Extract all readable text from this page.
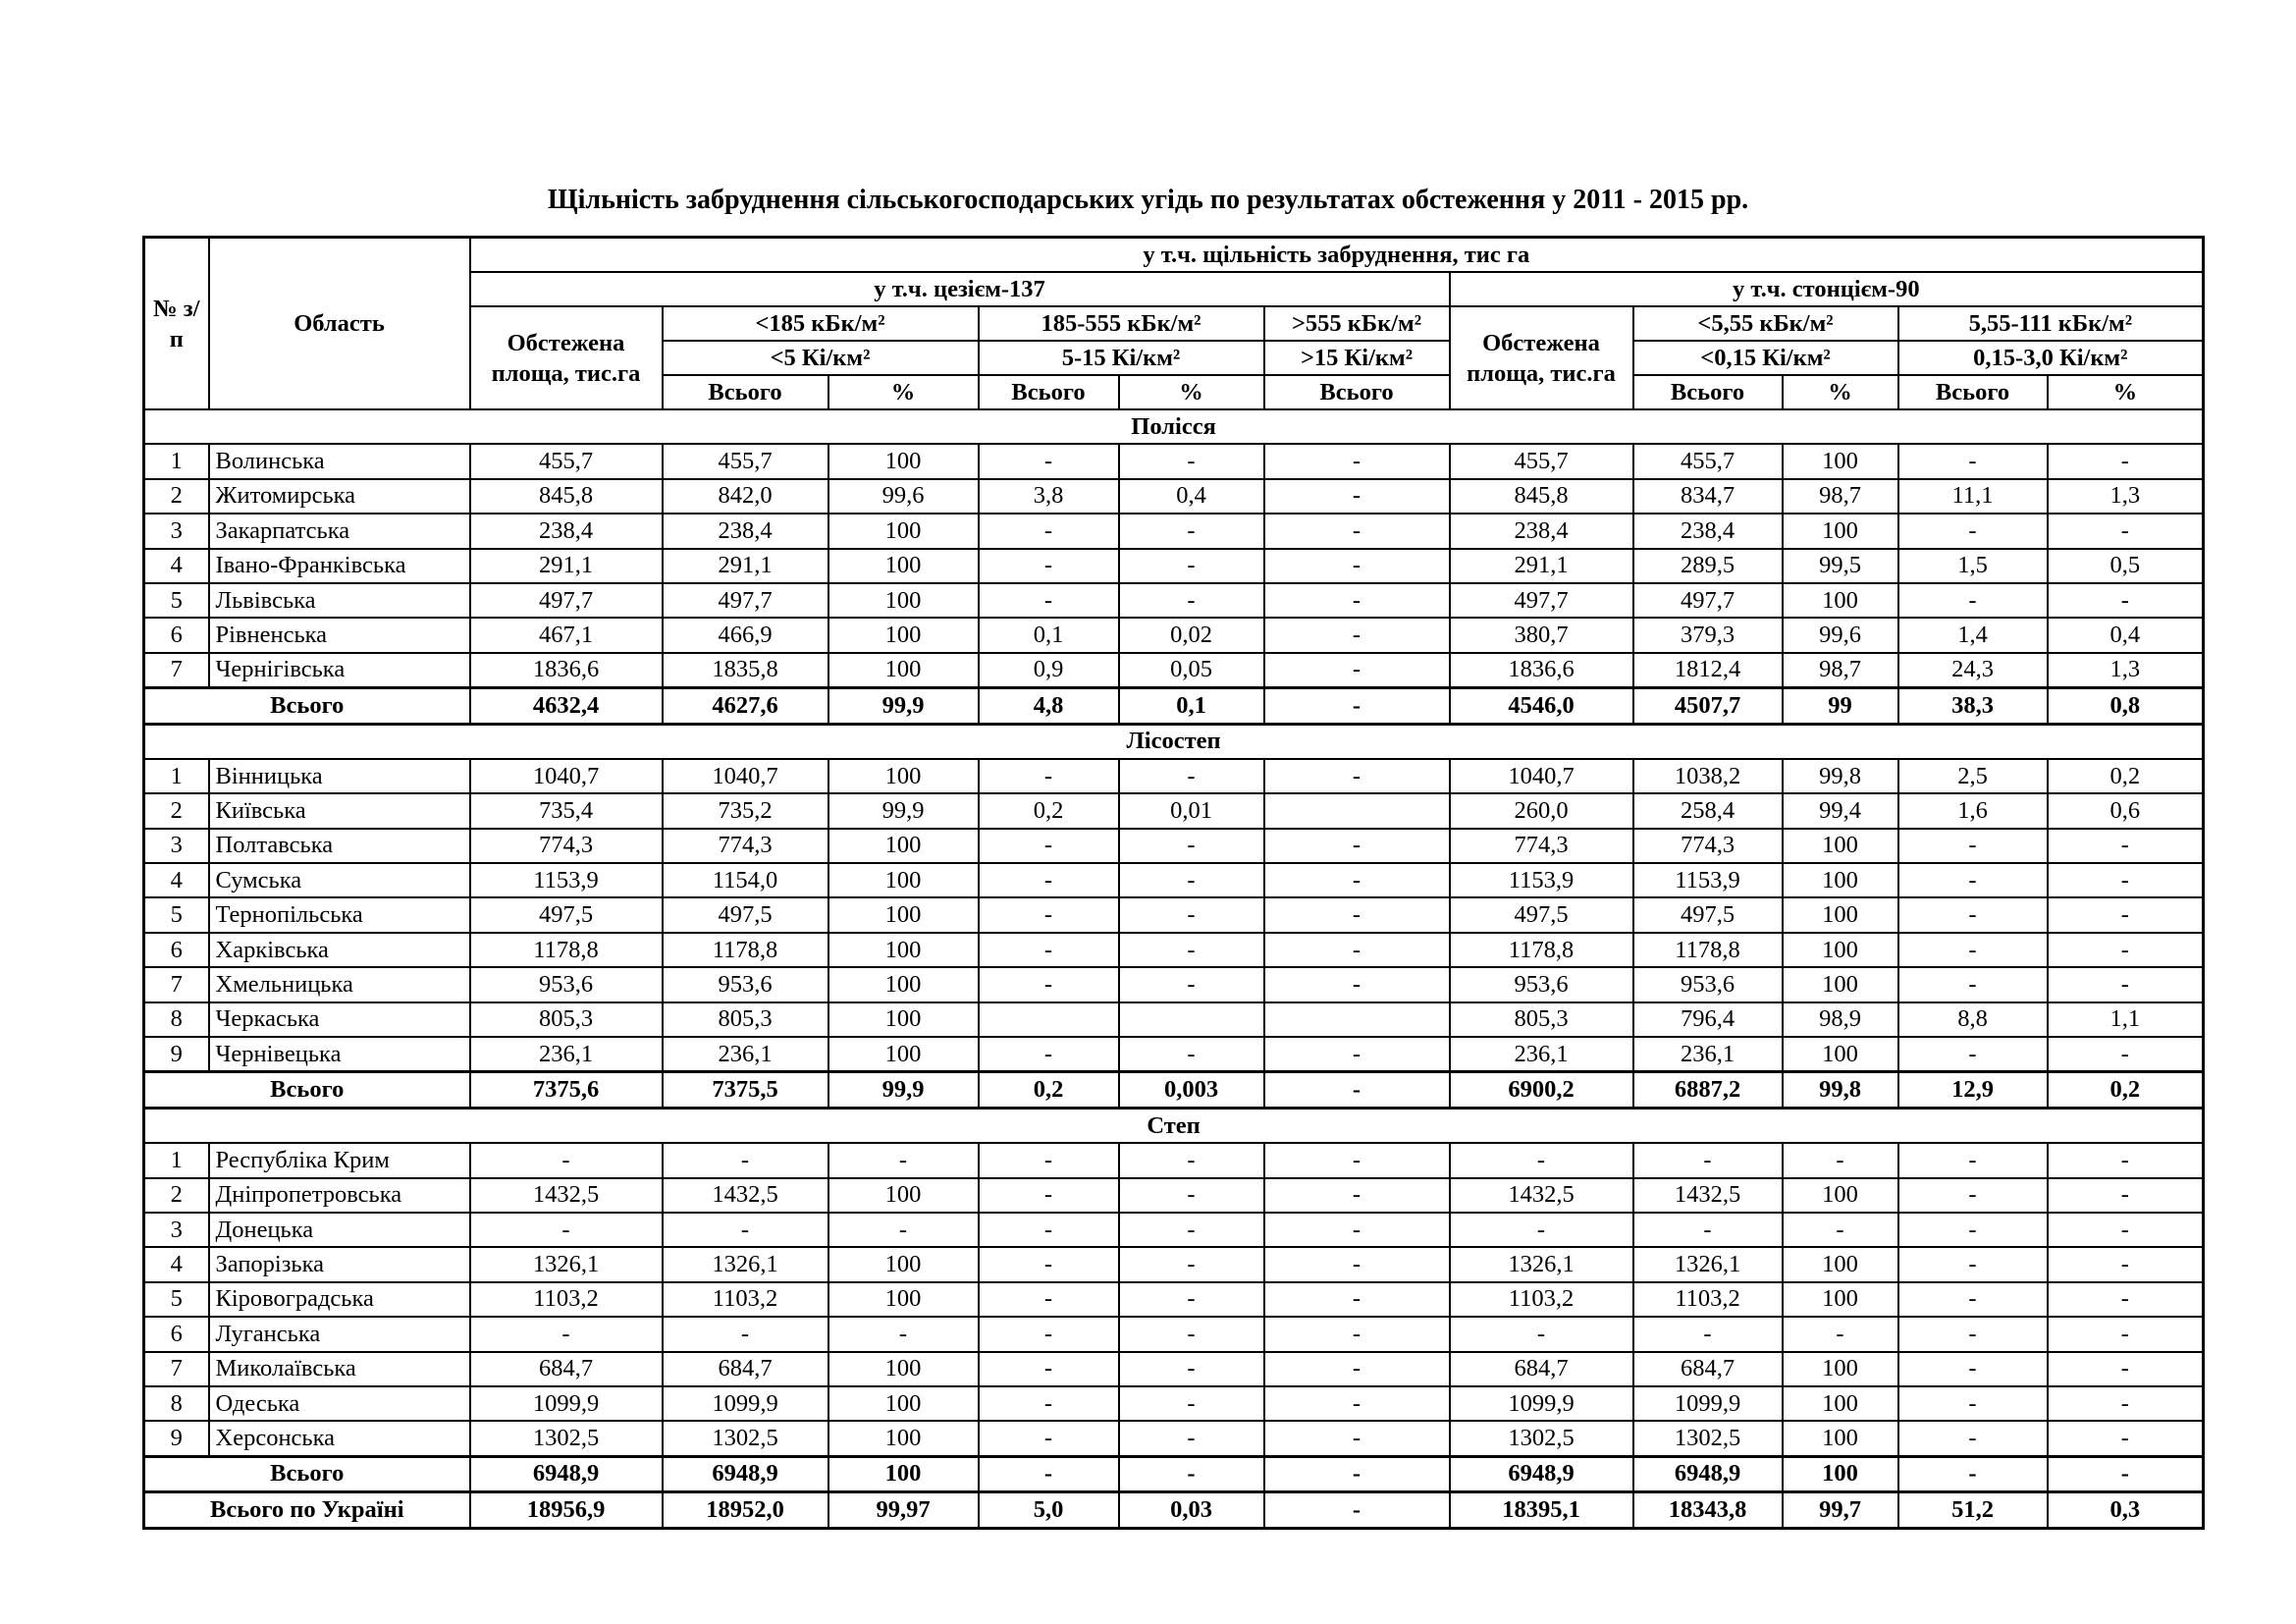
Щільність забруднення сільськогосподарських угідь по результатах обстеження у 2011 - 2015 рр.
№ з/п	Область	у т.ч. щільність забруднення, тис га										
		у т.ч. цезієм-137						у т.ч. стонцієм-90				
		Обстежена площа, тис.га	<185 кБк/м²		185-555 кБк/м²		>555 кБк/м²	Обстежена площа, тис.га	<5,55 кБк/м²		5,55-111 кБк/м²	
			<5 Кі/км²		5-15 Кі/км²		>15 Кі/км²		<0,15 Кі/км²		0,15-3,0 Кі/км²	
			Всього	%	Всього	%	Всього		Всього	%	Всього	%
Полісся												
1	Волинська	455,7	455,7	100	-	-	-	455,7	455,7	100	-	-
2	Житомирська	845,8	842,0	99,6	3,8	0,4	-	845,8	834,7	98,7	11,1	1,3
3	Закарпатська	238,4	238,4	100	-	-	-	238,4	238,4	100	-	-
4	Івано-Франківська	291,1	291,1	100	-	-	-	291,1	289,5	99,5	1,5	0,5
5	Львівська	497,7	497,7	100	-	-	-	497,7	497,7	100	-	-
6	Рівненська	467,1	466,9	100	0,1	0,02	-	380,7	379,3	99,6	1,4	0,4
7	Чернігівська	1836,6	1835,8	100	0,9	0,05	-	1836,6	1812,4	98,7	24,3	1,3
Всього		4632,4	4627,6	99,9	4,8	0,1	-	4546,0	4507,7	99	38,3	0,8
Лісостеп												
1	Вінницька	1040,7	1040,7	100	-	-	-	1040,7	1038,2	99,8	2,5	0,2
2	Київська	735,4	735,2	99,9	0,2	0,01		260,0	258,4	99,4	1,6	0,6
3	Полтавська	774,3	774,3	100	-	-	-	774,3	774,3	100	-	-
4	Сумська	1153,9	1154,0	100	-	-	-	1153,9	1153,9	100	-	-
5	Тернопільська	497,5	497,5	100	-	-	-	497,5	497,5	100	-	-
6	Харківська	1178,8	1178,8	100	-	-	-	1178,8	1178,8	100	-	-
7	Хмельницька	953,6	953,6	100	-	-	-	953,6	953,6	100	-	-
8	Черкаська	805,3	805,3	100				805,3	796,4	98,9	8,8	1,1
9	Чернівецька	236,1	236,1	100	-	-	-	236,1	236,1	100	-	-
Всього		7375,6	7375,5	99,9	0,2	0,003	-	6900,2	6887,2	99,8	12,9	0,2
Степ												
1	Республіка Крим	-	-	-	-	-	-	-	-	-	-	-
2	Дніпропетровська	1432,5	1432,5	100	-	-	-	1432,5	1432,5	100	-	-
3	Донецька	-	-	-	-	-	-	-	-	-	-	-
4	Запорізька	1326,1	1326,1	100	-	-	-	1326,1	1326,1	100	-	-
5	Кіровоградська	1103,2	1103,2	100	-	-	-	1103,2	1103,2	100	-	-
6	Луганська	-	-	-	-	-	-	-	-	-	-	-
7	Миколаївська	684,7	684,7	100	-	-	-	684,7	684,7	100	-	-
8	Одеська	1099,9	1099,9	100	-	-	-	1099,9	1099,9	100	-	-
9	Херсонська	1302,5	1302,5	100	-	-	-	1302,5	1302,5	100	-	-
Всього		6948,9	6948,9	100	-	-	-	6948,9	6948,9	100	-	-
Всього по Україні		18956,9	18952,0	99,97	5,0	0,03	-	18395,1	18343,8	99,7	51,2	0,3
